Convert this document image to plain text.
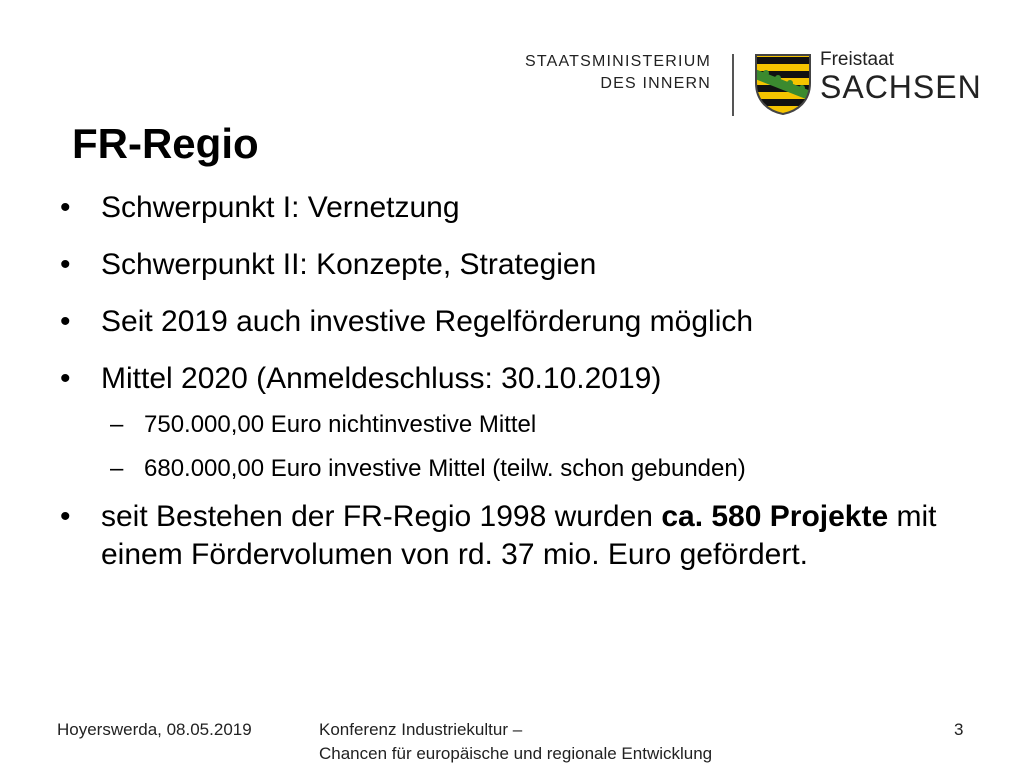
STAATSMINISTERIUM
DES INNERN
Freistaat
SACHSEN
FR-Regio
• Schwerpunkt I: Vernetzung
• Schwerpunkt II: Konzepte, Strategien
• Seit 2019 auch investive Regelförderung möglich
• Mittel 2020 (Anmeldeschluss: 30.10.2019)
– 750.000,00 Euro nichtinvestive Mittel
– 680.000,00 Euro investive Mittel (teilw. schon gebunden)
• seit Bestehen der FR-Regio 1998 wurden ca. 580 Projekte mit einem Fördervolumen von rd. 37 mio. Euro gefördert.
Hoyerswerda, 08.05.2019	Konferenz Industriekultur –
Chancen für europäische und regionale Entwicklung
3
